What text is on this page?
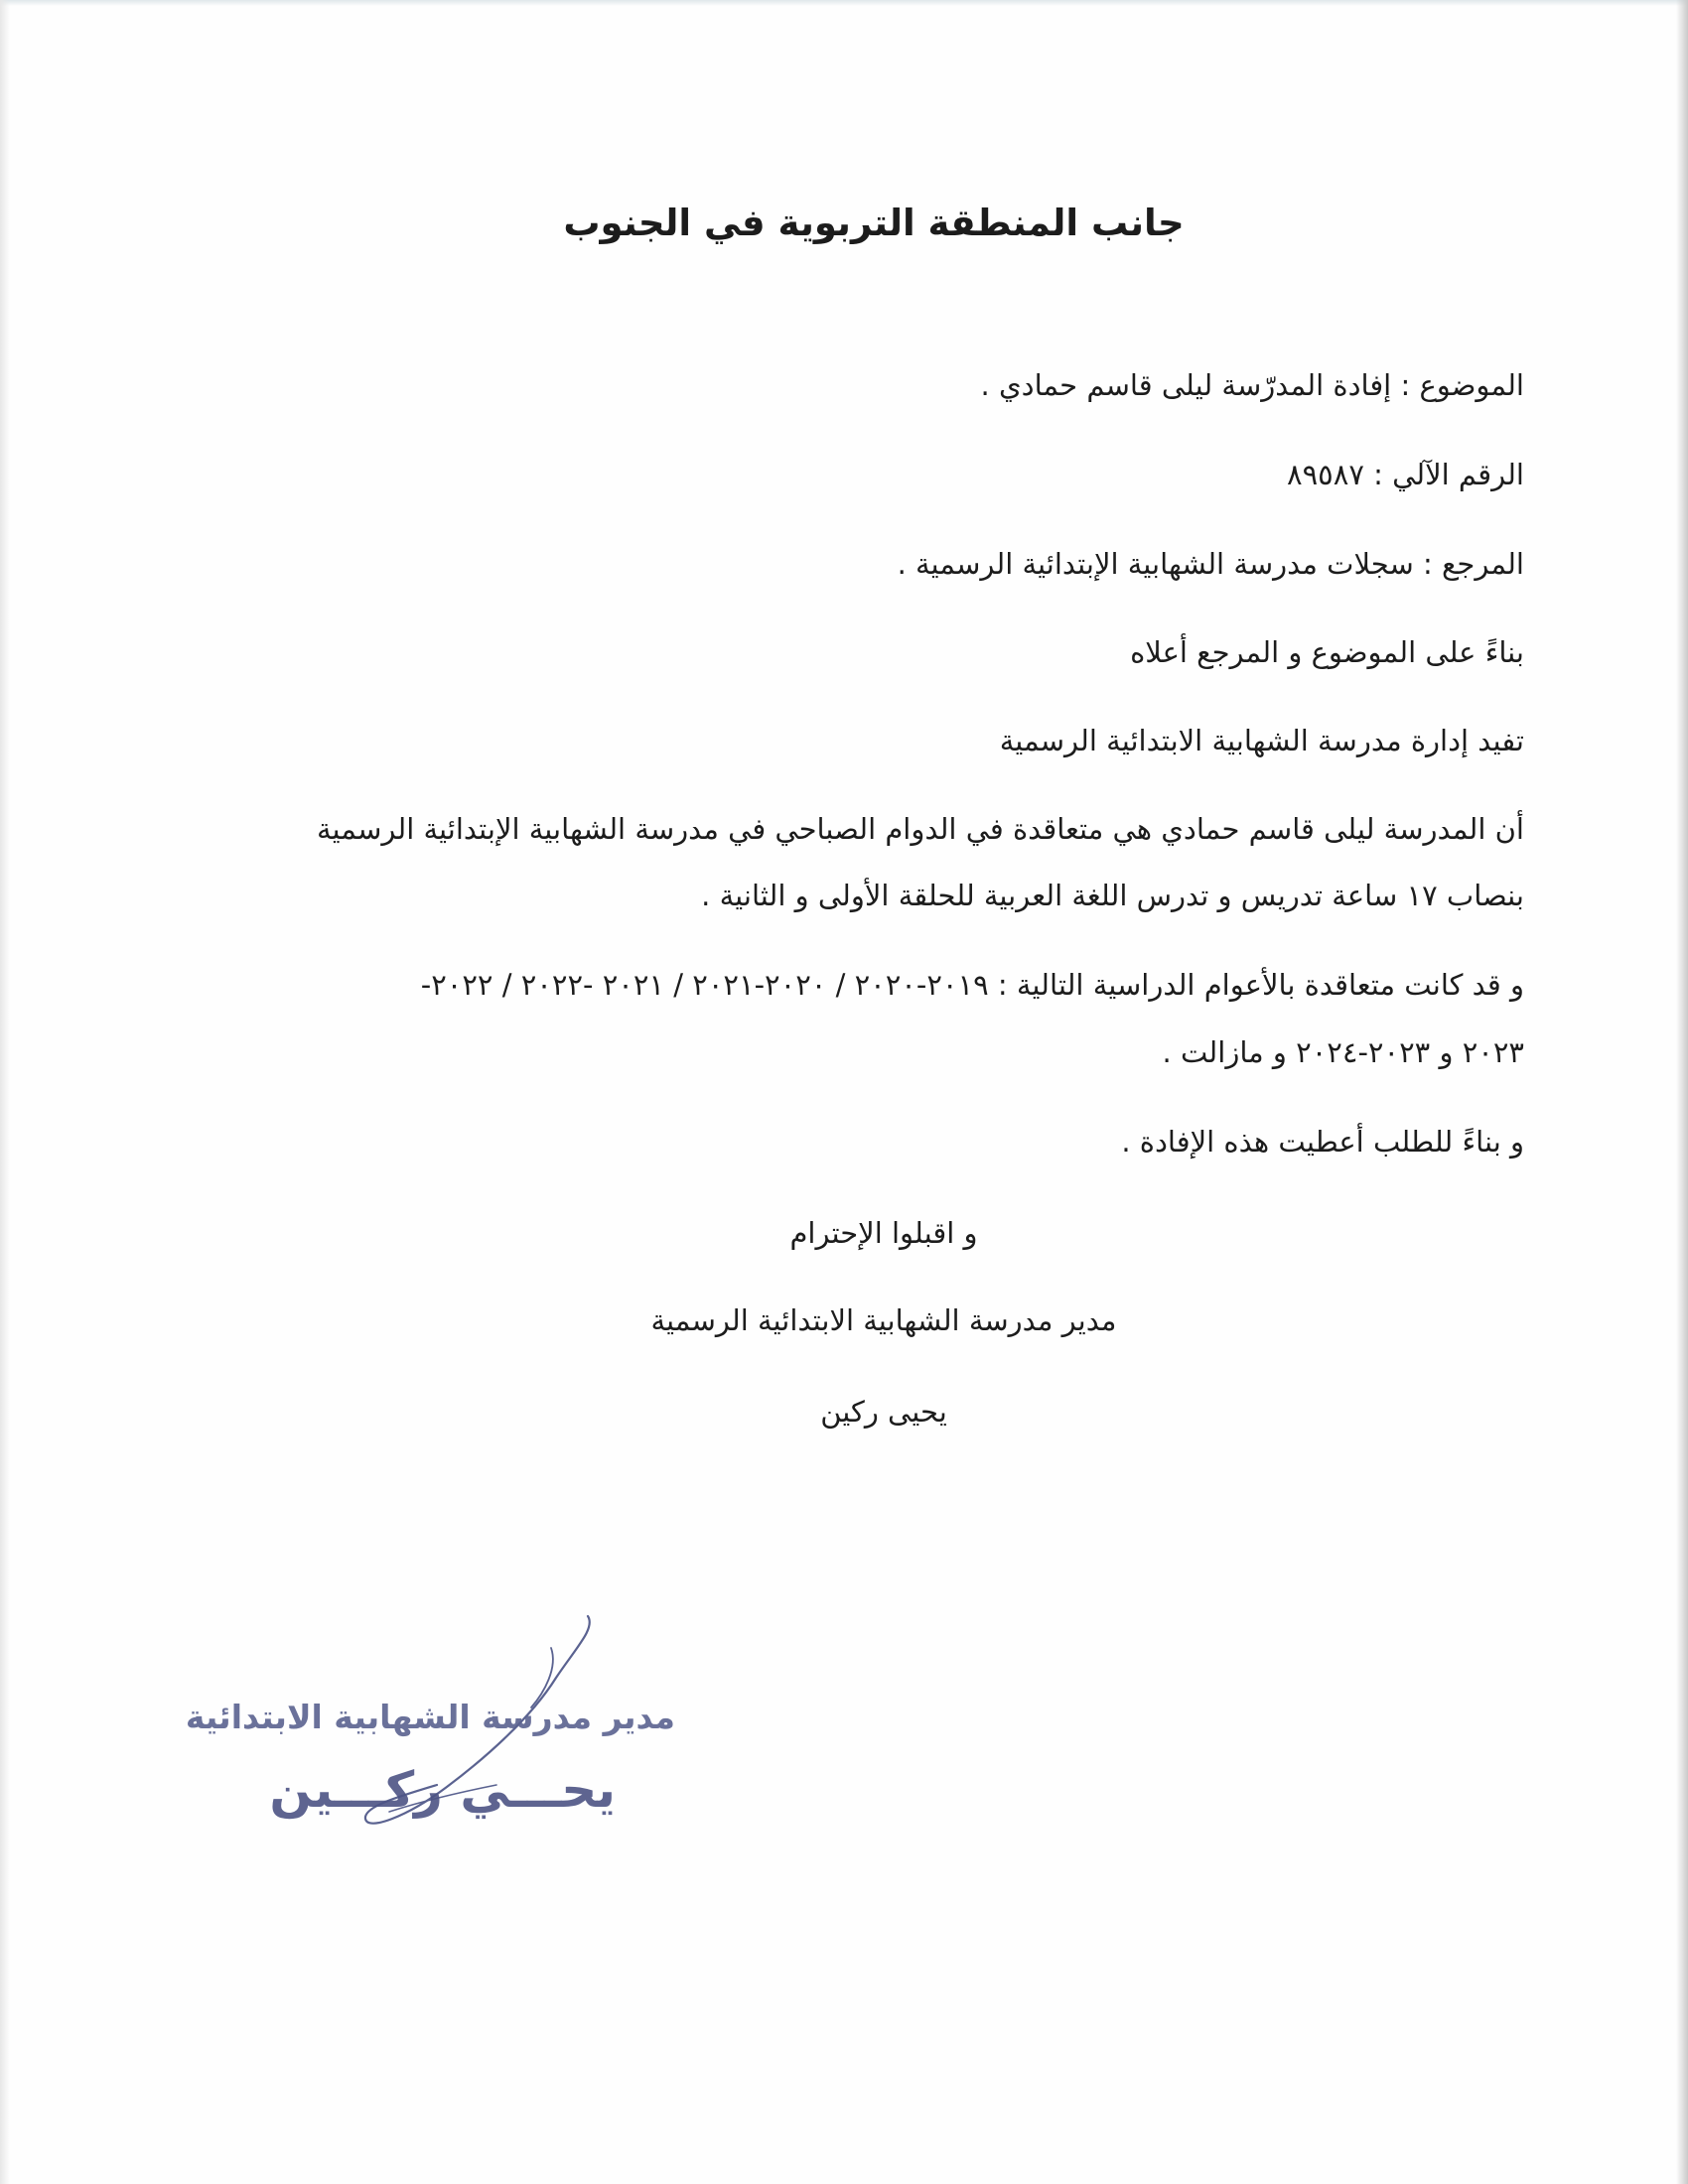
جانب المنطقة التربوية في الجنوب
الموضوع : إفادة المدرّسة ليلى قاسم حمادي .
الرقم الآلي : ٨٩٥٨٧
المرجع : سجلات مدرسة الشهابية الإبتدائية الرسمية .
بناءً على الموضوع و المرجع أعلاه
تفيد إدارة مدرسة الشهابية الابتدائية الرسمية
أن المدرسة ليلى قاسم حمادي هي متعاقدة في الدوام الصباحي في مدرسة الشهابية الإبتدائية الرسمية
بنصاب ١٧ ساعة تدريس و تدرس اللغة العربية للحلقة الأولى و الثانية .
و قد كانت متعاقدة بالأعوام الدراسية التالية : ٢٠١٩-٢٠٢٠ / ٢٠٢٠-٢٠٢١ / ٢٠٢١ -٢٠٢٢ / ٢٠٢٢-
٢٠٢٣ و ٢٠٢٣-٢٠٢٤ و مازالت .
و بناءً للطلب أعطيت هذه الإفادة .
و اقبلوا الإحترام
مدير مدرسة الشهابية الابتدائية الرسمية
يحيى ركين
مدير مدرسة الشهابية الابتدائية
يحـــي ركـــين
